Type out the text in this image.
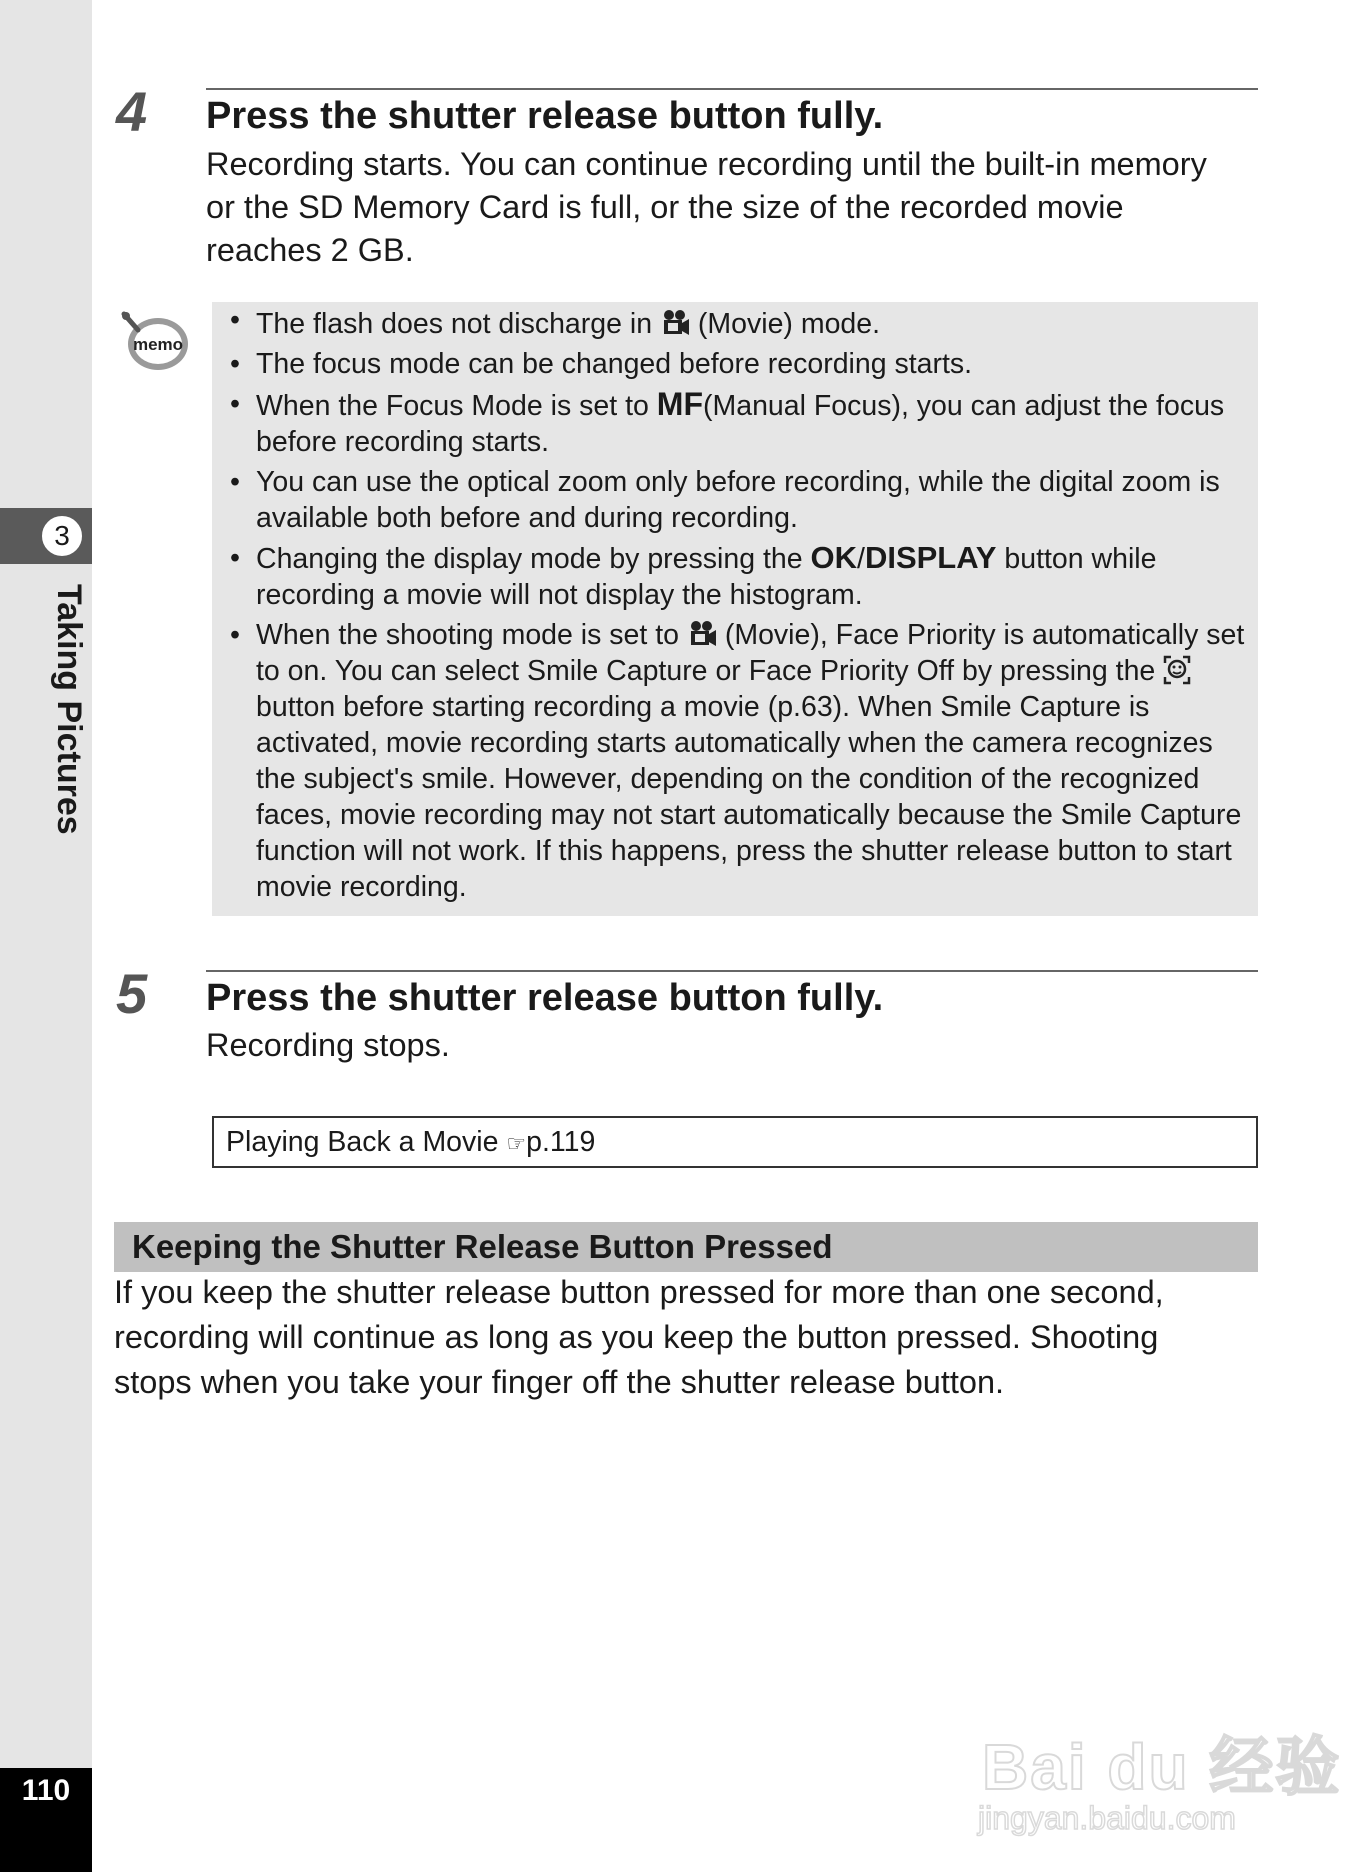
3
Taking Pictures
110
4 Press the shutter release button fully.
Recording starts. You can continue recording until the built-in memory
or the SD Memory Card is full, or the size of the recorded movie
reaches 2 GB.
memo
• The flash does not discharge in  (Movie) mode.
• The focus mode can be changed before recording starts.
• When the Focus Mode is set to MF(Manual Focus), you can adjust the focus before recording starts.
• You can use the optical zoom only before recording, while the digital zoom is available both before and during recording.
• Changing the display mode by pressing the OK/DISPLAY button while recording a movie will not display the histogram.
• When the shooting mode is set to  (Movie), Face Priority is automatically set to on. You can select Smile Capture or Face Priority Off by pressing the  button before starting recording a movie (p.63). When Smile Capture is activated, movie recording starts automatically when the camera recognizes the subject's smile. However, depending on the condition of the recognized faces, movie recording may not start automatically because the Smile Capture function will not work. If this happens, press the shutter release button to start movie recording.
5 Press the shutter release button fully.
Recording stops.
Playing Back a Movie ☞p.119
Keeping the Shutter Release Button Pressed
If you keep the shutter release button pressed for more than one second,
recording will continue as long as you keep the button pressed. Shooting
stops when you take your finger off the shutter release button.
Bai du 经验
jingyan.baidu.com
